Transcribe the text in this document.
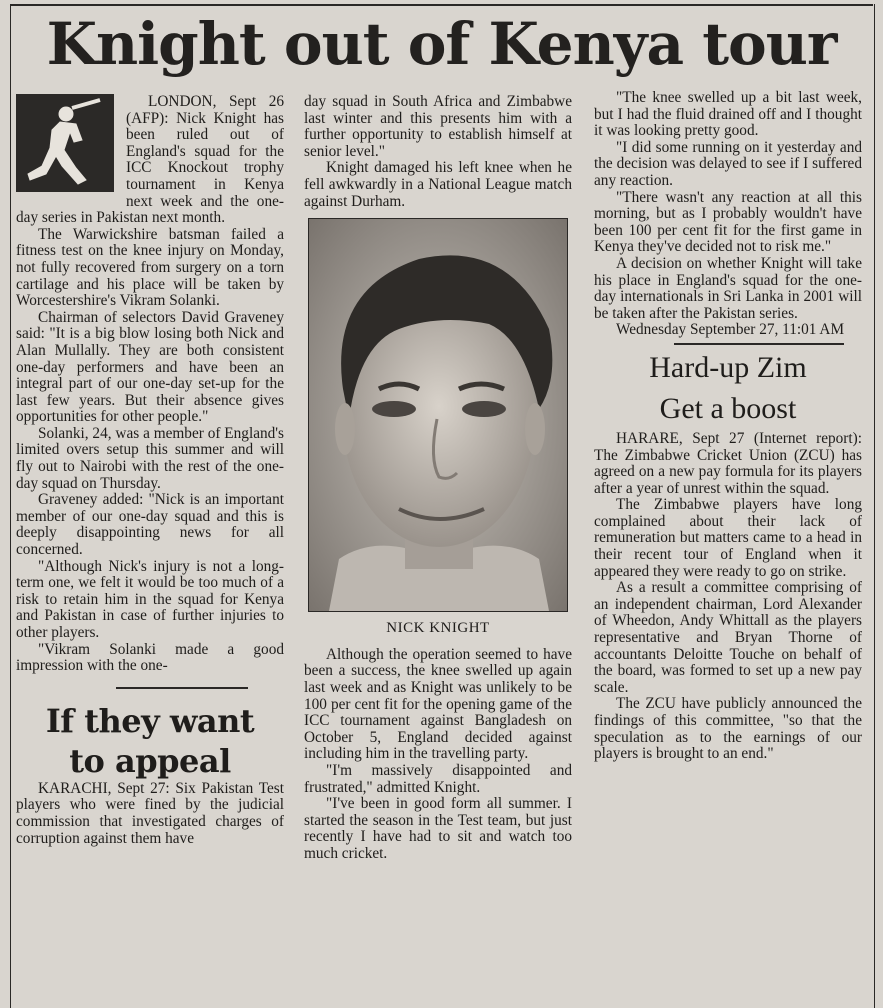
Knight out of Kenya tour

LONDON, Sept 26 (AFP): Nick Knight has been ruled out of England's squad for the ICC Knockout trophy tournament in Kenya next week and the one-day series in Pakistan next month.

The Warwickshire batsman failed a fitness test on the knee injury on Monday, not fully recovered from surgery on a torn cartilage and his place will be taken by Worcestershire's Vikram Solanki.

Chairman of selectors David Graveney said: "It is a big blow losing both Nick and Alan Mullally. They are both consistent one-day performers and have been an integral part of our one-day set-up for the last few years. But their absence gives opportunities for other people."

Solanki, 24, was a member of England's limited overs setup this summer and will fly out to Nairobi with the rest of the one-day squad on Thursday.

Graveney added: "Nick is an important member of our one-day squad and this is deeply disappointing news for all concerned.

"Although Nick's injury is not a long-term one, we felt it would be too much of a risk to retain him in the squad for Kenya and Pakistan in case of further injuries to other players.

"Vikram Solanki made a good impression with the one-

If they want
to appeal

KARACHI, Sept 27: Six Pakistan Test players who were fined by the judicial commission that investigated charges of corruption against them have

day squad in South Africa and Zimbabwe last winter and this presents him with a further opportunity to establish himself at senior level."

Knight damaged his left knee when he fell awkwardly in a National League match against Durham.

NICK KNIGHT

Although the operation seemed to have been a success, the knee swelled up again last week and as Knight was unlikely to be 100 per cent fit for the opening game of the ICC tournament against Bangladesh on October 5, England decided against including him in the travelling party.

"I'm massively disappointed and frustrated," admitted Knight.

"I've been in good form all summer. I started the season in the Test team, but just recently I have had to sit and watch too much cricket.

"The knee swelled up a bit last week, but I had the fluid drained off and I thought it was looking pretty good.

"I did some running on it yesterday and the decision was delayed to see if I suffered any reaction.

"There wasn't any reaction at all this morning, but as I probably wouldn't have been 100 per cent fit for the first game in Kenya they've decided not to risk me."

A decision on whether Knight will take his place in England's squad for the one-day internationals in Sri Lanka in 2001 will be taken after the Pakistan series.

Wednesday September 27, 11:01 AM

Hard-up Zim
Get a boost

HARARE, Sept 27 (Internet report): The Zimbabwe Cricket Union (ZCU) has agreed on a new pay formula for its players after a year of unrest within the squad.

The Zimbabwe players have long complained about their lack of remuneration but matters came to a head in their recent tour of England when it appeared they were ready to go on strike.

As a result a committee comprising of an independent chairman, Lord Alexander of Wheedon, Andy Whittall as the players representative and Bryan Thorne of accountants Deloitte Touche on behalf of the board, was formed to set up a new pay scale.

The ZCU have publicly announced the findings of this committee, "so that the speculation as to the earnings of our players is brought to an end."
